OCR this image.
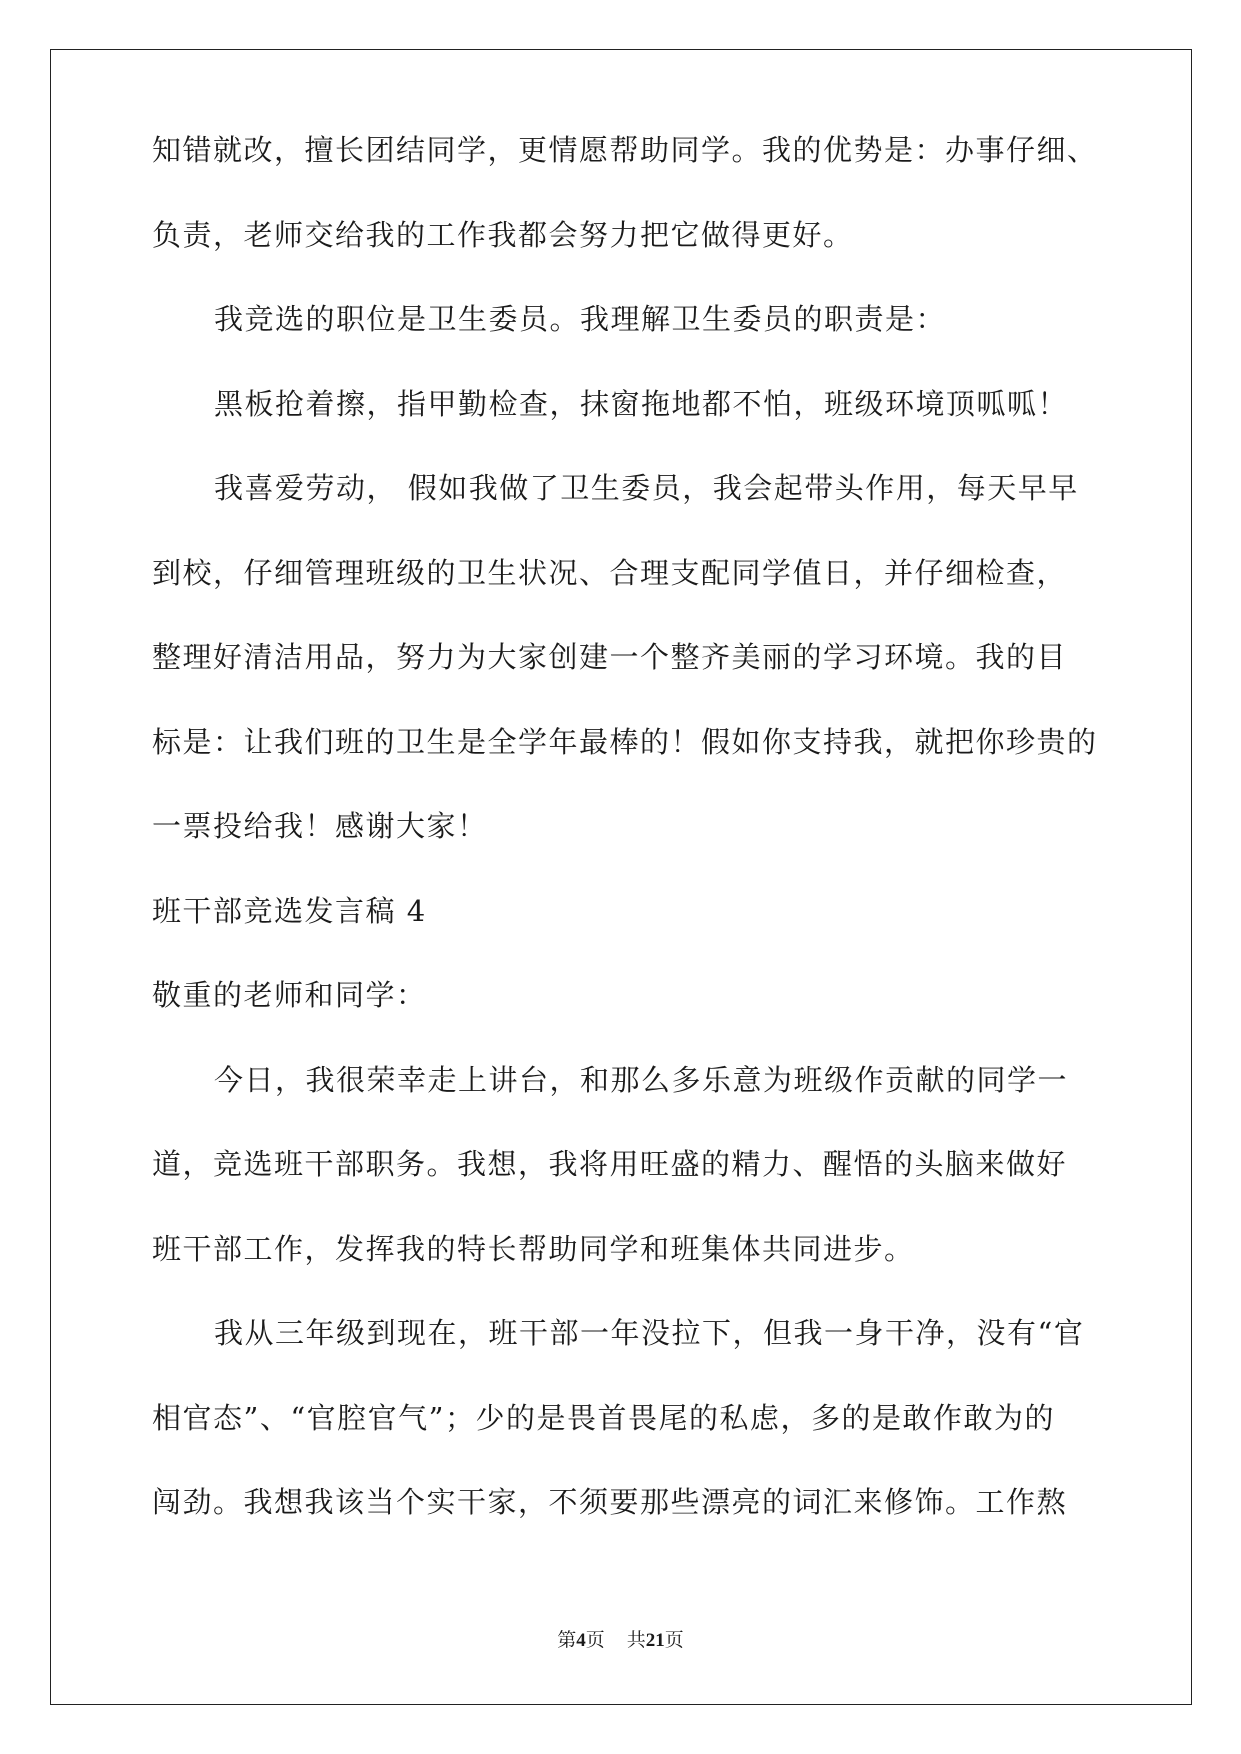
知错就改，擅长团结同学，更情愿帮助同学。我的优势是：办事仔细、
负责，老师交给我的工作我都会努力把它做得更好。
我竞选的职位是卫生委员。我理解卫生委员的职责是：
黑板抢着擦，指甲勤检查，抹窗拖地都不怕，班级环境顶呱呱！
我喜爱劳动， 假如我做了卫生委员，我会起带头作用，每天早早
到校，仔细管理班级的卫生状况、合理支配同学值日，并仔细检查，
整理好清洁用品，努力为大家创建一个整齐美丽的学习环境。我的目
标是：让我们班的卫生是全学年最棒的！假如你支持我，就把你珍贵的
一票投给我！感谢大家！
班干部竞选发言稿 4
敬重的老师和同学：
今日，我很荣幸走上讲台，和那么多乐意为班级作贡献的同学一
道，竞选班干部职务。我想，我将用旺盛的精力、醒悟的头脑来做好
班干部工作，发挥我的特长帮助同学和班集体共同进步。
我从三年级到现在，班干部一年没拉下，但我一身干净，没有“官
相官态”、“官腔官气”；少的是畏首畏尾的私虑，多的是敢作敢为的
闯劲。我想我该当个实干家，不须要那些漂亮的词汇来修饰。工作熬
第4页 共21页
